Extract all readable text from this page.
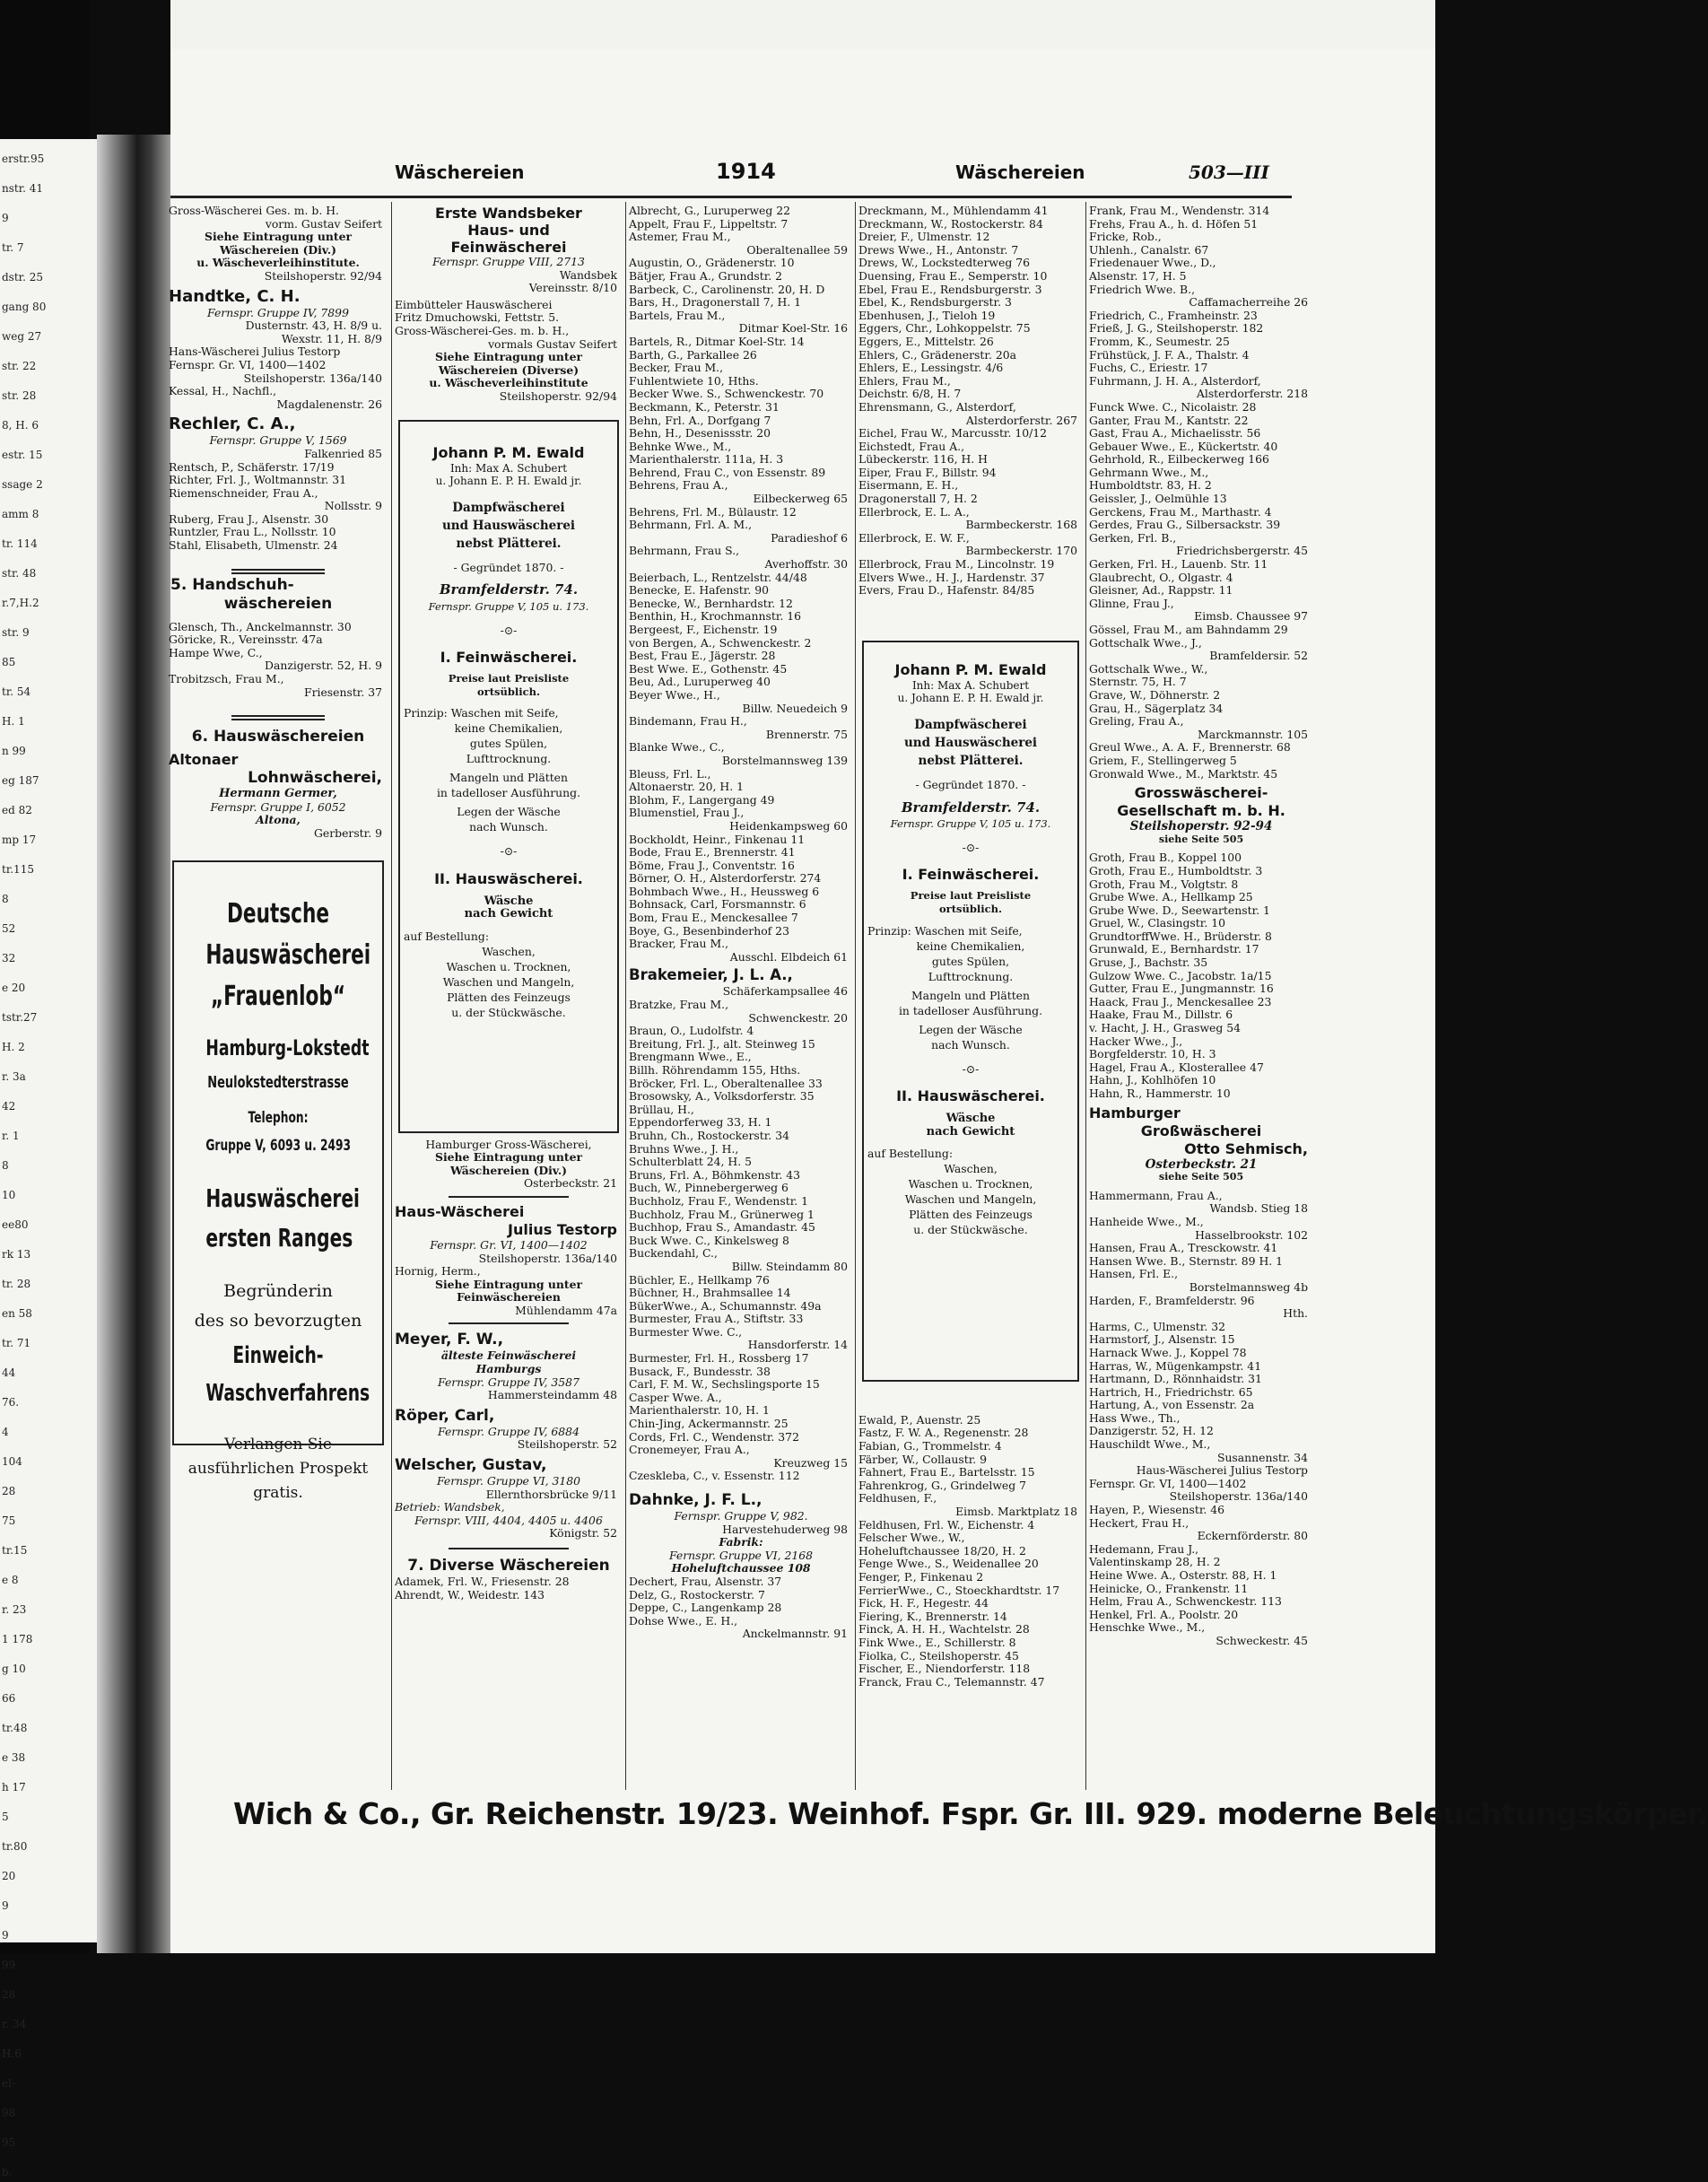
erstr.95

nstr. 41

9

tr. 7

dstr. 25

gang 80

weg 27

str. 22

str. 28

8, H. 6

estr. 15

ssage 2

amm 8

tr. 114

str. 48

r.7,H.2

str. 9

85

tr. 54

H. 1

n 99

eg 187

ed 82

mp 17

tr.115

8

52

32

e 20

tstr.27

H. 2

r. 3a

42

r. 1

8

10

ee80

rk 13

tr. 28

en 58

tr. 71

44

76.

4

104

28

75

tr.15

e 8

r. 23

1 178

g 10

66

tr.48

e 38

h 17

5

tr.80

20

9

9

99

28

r. 34

H.6

el-

98

95

b.

Wäschereien	1914	Wäschereien	503—III

Gross-Wäscherei Ges. m. b. H.

vorm. Gustav Seifert

Siehe Eintragung unter

Wäschereien (Div.)

u. Wäscheverleihinstitute.

Steilshoperstr. 92/94

Handtke, C. H.

Fernspr. Gruppe IV, 7899

Dusternstr. 43, H. 8/9 u.

Wexstr. 11, H. 8/9

Hans-Wäscherei Julius Testorp

Fernspr. Gr. VI, 1400—1402

Steilshoperstr. 136a/140

Kessal, H., Nachfl.,

Magdalenenstr. 26

Rechler, C. A.,

Fernspr. Gruppe V, 1569

Falkenried 85

Rentsch, P., Schäferstr. 17/19

Richter, Frl. J., Woltmannstr. 31

Riemenschneider, Frau A.,

Nollsstr. 9

Ruberg, Frau J., Alsenstr. 30

Runtzler, Frau L., Nollsstr. 10

Stahl, Elisabeth, Ulmenstr. 24

5. Handschuh-

wäschereien

Glensch, Th., Anckelmannstr. 30

Göricke, R., Vereinsstr. 47a

Hampe Wwe, C.,

Danzigerstr. 52, H. 9

Trobitzsch, Frau M.,

Friesenstr. 37

6. Hauswäschereien

Altonaer

Lohnwäscherei,

Hermann Germer,

Fernspr. Gruppe I, 6052

Altona,

Gerberstr. 9

Deutsche

Hauswäscherei

„Frauenlob“

Hamburg-Lokstedt

Neulokstedterstrasse

Telephon:

Gruppe V, 6093 u. 2493

Hauswäscherei

ersten Ranges

Begründerin

des so bevorzugten

Einweich-

Waschverfahrens

Verlangen Sie

ausführlichen Prospekt

gratis.

Erste Wandsbeker

Haus- und

Feinwäscherei

Fernspr. Gruppe VIII, 2713

Wandsbek

Vereinsstr. 8/10

Eimbütteler Hauswäscherei

Fritz Dmuchowski, Fettstr. 5.

Gross-Wäscherei-Ges. m. b. H.,

vormals Gustav Seifert

Siehe Eintragung unter

Wäschereien (Diverse)

u. Wäscheverleihinstitute

Steilshoperstr. 92/94

Johann P. M. Ewald

Inh: Max A. Schubert

u. Johann E. P. H. Ewald jr.

Dampfwäscherei

und Hauswäscherei

nebst Plätterei.

- Gegründet 1870. -

Bramfelderstr. 74.

Fernspr. Gruppe V, 105 u. 173.

-⊙-

I. Feinwäscherei.

Preise laut Preisliste

ortsüblich.

Prinzip: Waschen mit Seife,

keine Chemikalien,

gutes Spülen,

Lufttrocknung.

Mangeln und Plätten

in tadelloser Ausführung.

Legen der Wäsche

nach Wunsch.

-⊙-

II. Hauswäscherei.

Wäsche

nach Gewicht

auf Bestellung:

Waschen,

Waschen u. Trocknen,

Waschen und Mangeln,

Plätten des Feinzeugs

u. der Stückwäsche.

Hamburger Gross-Wäscherei,

Siehe Eintragung unter

Wäschereien (Div.)

Osterbeckstr. 21

Haus-Wäscherei

Julius Testorp

Fernspr. Gr. VI, 1400—1402

Steilshoperstr. 136a/140

Hornig, Herm.,

Siehe Eintragung unter

Feinwäschereien

Mühlendamm 47a

Meyer, F. W.,

älteste Feinwäscherei

Hamburgs

Fernspr. Gruppe IV, 3587

Hammersteindamm 48

Röper, Carl,

Fernspr. Gruppe IV, 6884

Steilshoperstr. 52

Welscher, Gustav,

Fernspr. Gruppe VI, 3180

Ellernthorsbrücke 9/11

Betrieb: Wandsbek,

Fernspr. VIII, 4404, 4405 u. 4406

Königstr. 52

7. Diverse Wäschereien

Adamek, Frl. W., Friesenstr. 28

Ahrendt, W., Weidestr. 143

Albrecht, G., Luruperweg 22

Appelt, Frau F., Lippeltstr. 7

Astemer, Frau M.,

Oberaltenallee 59

Augustin, O., Grädenerstr. 10

Bätjer, Frau A., Grundstr. 2

Barbeck, C., Carolinenstr. 20, H. D

Bars, H., Dragonerstall 7, H. 1

Bartels, Frau M.,

Ditmar Koel-Str. 16

Bartels, R., Ditmar Koel-Str. 14

Barth, G., Parkallee 26

Becker, Frau M.,

Fuhlentwiete 10, Hths.

Becker Wwe. S., Schwenckestr. 70

Beckmann, K., Peterstr. 31

Behn, Frl. A., Dorfgang 7

Behn, H., Desenissstr. 20

Behnke Wwe., M.,

Marienthalerstr. 111a, H. 3

Behrend, Frau C., von Essenstr. 89

Behrens, Frau A.,

Eilbeckerweg 65

Behrens, Frl. M., Bülaustr. 12

Behrmann, Frl. A. M.,

Paradieshof 6

Behrmann, Frau S.,

Averhoffstr. 30

Beierbach, L., Rentzelstr. 44/48

Benecke, E. Hafenstr. 90

Benecke, W., Bernhardstr. 12

Benthin, H., Krochmannstr. 16

Bergeest, F., Eichenstr. 19

von Bergen, A., Schwenckestr. 2

Best, Frau E., Jägerstr. 28

Best Wwe. E., Gothenstr. 45

Beu, Ad., Luruperweg 40

Beyer Wwe., H.,

Billw. Neuedeich 9

Bindemann, Frau H.,

Brennerstr. 75

Blanke Wwe., C.,

Borstelmannsweg 139

Bleuss, Frl. L.,

Altonaerstr. 20, H. 1

Blohm, F., Langergang 49

Blumenstiel, Frau J.,

Heidenkampsweg 60

Bockholdt, Heinr., Finkenau 11

Bode, Frau E., Brennerstr. 41

Böme, Frau J., Conventstr. 16

Börner, O. H., Alsterdorferstr. 274

Bohmbach Wwe., H., Heussweg 6

Bohnsack, Carl, Forsmannstr. 6

Bom, Frau E., Menckesallee 7

Boye, G., Besenbinderhof 23

Bracker, Frau M.,

Ausschl. Elbdeich 61

Brakemeier, J. L. A.,

Schäferkampsallee 46

Bratzke, Frau M.,

Schwenckestr. 20

Braun, O., Ludolfstr. 4

Breitung, Frl. J., alt. Steinweg 15

Brengmann Wwe., E.,

Billh. Röhrendamm 155, Hths.

Bröcker, Frl. L., Oberaltenallee 33

Brosowsky, A., Volksdorferstr. 35

Brüllau, H.,

Eppendorferweg 33, H. 1

Bruhn, Ch., Rostockerstr. 34

Bruhns Wwe., J. H.,

Schulterblatt 24, H. 5

Bruns, Frl. A., Böhmkenstr. 43

Buch, W., Pinnebergerweg 6

Buchholz, Frau F., Wendenstr. 1

Buchholz, Frau M., Grünerweg 1

Buchhop, Frau S., Amandastr. 45

Buck Wwe. C., Kinkelsweg 8

Buckendahl, C.,

Billw. Steindamm 80

Büchler, E., Hellkamp 76

Büchner, H., Brahmsallee 14

BükerWwe., A., Schumannstr. 49a

Burmester, Frau A., Stiftstr. 33

Burmester Wwe. C.,

Hansdorferstr. 14

Burmester, Frl. H., Rossberg 17

Busack, F., Bundesstr. 38

Carl, F. M. W., Sechslingsporte 15

Casper Wwe. A.,

Marienthalerstr. 10, H. 1

Chin-Jing, Ackermannstr. 25

Cords, Frl. C., Wendenstr. 372

Cronemeyer, Frau A.,

Kreuzweg 15

Czeskleba, C., v. Essenstr. 112

Dahnke, J. F. L.,

Fernspr. Gruppe V, 982.

Harvestehuderweg 98

Fabrik:

Fernspr. Gruppe VI, 2168

Hoheluftchaussee 108

Dechert, Frau, Alsenstr. 37

Delz, G., Rostockerstr. 7

Deppe, C., Langenkamp 28

Dohse Wwe., E. H.,

Anckelmannstr. 91

Dreckmann, M., Mühlendamm 41

Dreckmann, W., Rostockerstr. 84

Dreier, F., Ulmenstr. 12

Drews Wwe., H., Antonstr. 7

Drews, W., Lockstedterweg 76

Duensing, Frau E., Semperstr. 10

Ebel, Frau E., Rendsburgerstr. 3

Ebel, K., Rendsburgerstr. 3

Ebenhusen, J., Tieloh 19

Eggers, Chr., Lohkoppelstr. 75

Eggers, E., Mittelstr. 26

Ehlers, C., Grädenerstr. 20a

Ehlers, E., Lessingstr. 4/6

Ehlers, Frau M.,

Deichstr. 6/8, H. 7

Ehrensmann, G., Alsterdorf,

Alsterdorferstr. 267

Eichel, Frau W., Marcusstr. 10/12

Eichstedt, Frau A.,

Lübeckerstr. 116, H. H

Eiper, Frau F., Billstr. 94

Eisermann, E. H.,

Dragonerstall 7, H. 2

Ellerbrock, E. L. A.,

Barmbeckerstr. 168

Ellerbrock, E. W. F.,

Barmbeckerstr. 170

Ellerbrock, Frau M., Lincolnstr. 19

Elvers Wwe., H. J., Hardenstr. 37

Evers, Frau D., Hafenstr. 84/85

Johann P. M. Ewald

Inh: Max A. Schubert

u. Johann E. P. H. Ewald jr.

Dampfwäscherei

und Hauswäscherei

nebst Plätterei.

- Gegründet 1870. -

Bramfelderstr. 74.

Fernspr. Gruppe V, 105 u. 173.

-⊙-

I. Feinwäscherei.

Preise laut Preisliste

ortsüblich.

Prinzip: Waschen mit Seife,

keine Chemikalien,

gutes Spülen,

Lufttrocknung.

Mangeln und Plätten

in tadelloser Ausführung.

Legen der Wäsche

nach Wunsch.

-⊙-

II. Hauswäscherei.

Wäsche

nach Gewicht

auf Bestellung:

Waschen,

Waschen u. Trocknen,

Waschen und Mangeln,

Plätten des Feinzeugs

u. der Stückwäsche.

Ewald, P., Auenstr. 25

Fastz, F. W. A., Regenenstr. 28

Fabian, G., Trommelstr. 4

Färber, W., Collaustr. 9

Fahnert, Frau E., Bartelsstr. 15

Fahrenkrog, G., Grindelweg 7

Feldhusen, F.,

Eimsb. Marktplatz 18

Feldhusen, Frl. W., Eichenstr. 4

Felscher Wwe., W.,

Hoheluftchaussee 18/20, H. 2

Fenge Wwe., S., Weidenallee 20

Fenger, P., Finkenau 2

FerrierWwe., C., Stoeckhardtstr. 17

Fick, H. F., Hegestr. 44

Fiering, K., Brennerstr. 14

Finck, A. H. H., Wachtelstr. 28

Fink Wwe., E., Schillerstr. 8

Fiolka, C., Steilshoperstr. 45

Fischer, E., Niendorferstr. 118

Franck, Frau C., Telemannstr. 47

Frank, Frau M., Wendenstr. 314

Frehs, Frau A., h. d. Höfen 51

Fricke, Rob.,

Uhlenh., Canalstr. 67

Friedenauer Wwe., D.,

Alsenstr. 17, H. 5

Friedrich Wwe. B.,

Caffamacherreihe 26

Friedrich, C., Framheinstr. 23

Frieß, J. G., Steilshoperstr. 182

Fromm, K., Seumestr. 25

Frühstück, J. F. A., Thalstr. 4

Fuchs, C., Eriestr. 17

Fuhrmann, J. H. A., Alsterdorf,

Alsterdorferstr. 218

Funck Wwe. C., Nicolaistr. 28

Ganter, Frau M., Kantstr. 22

Gast, Frau A., Michaelisstr. 56

Gebauer Wwe., E., Kückertstr. 40

Gehrhold, R., Eilbeckerweg 166

Gehrmann Wwe., M.,

Humboldtstr. 83, H. 2

Geissler, J., Oelmühle 13

Gerckens, Frau M., Marthastr. 4

Gerdes, Frau G., Silbersackstr. 39

Gerken, Frl. B.,

Friedrichsbergerstr. 45

Gerken, Frl. H., Lauenb. Str. 11

Glaubrecht, O., Olgastr. 4

Gleisner, Ad., Rappstr. 11

Glinne, Frau J.,

Eimsb. Chaussee 97

Gössel, Frau M., am Bahndamm 29

Gottschalk Wwe., J.,

Bramfeldersir. 52

Gottschalk Wwe., W.,

Sternstr. 75, H. 7

Grave, W., Döhnerstr. 2

Grau, H., Sägerplatz 34

Greling, Frau A.,

Marckmannstr. 105

Greul Wwe., A. A. F., Brennerstr. 68

Griem, F., Stellingerweg 5

Gronwald Wwe., M., Marktstr. 45

Grosswäscherei-

Gesellschaft m. b. H.

Steilshoperstr. 92-94

siehe Seite 505

Groth, Frau B., Koppel 100

Groth, Frau E., Humboldtstr. 3

Groth, Frau M., Volgtstr. 8

Grube Wwe. A., Hellkamp 25

Grube Wwe. D., Seewartenstr. 1

Gruel, W., Clasingstr. 10

GrundtorffWwe. H., Brüderstr. 8

Grunwald, E., Bernhardstr. 17

Gruse, J., Bachstr. 35

Gulzow Wwe. C., Jacobstr. 1a/15

Gutter, Frau E., Jungmannstr. 16

Haack, Frau J., Menckesallee 23

Haake, Frau M., Dillstr. 6

v. Hacht, J. H., Grasweg 54

Hacker Wwe., J.,

Borgfelderstr. 10, H. 3

Hagel, Frau A., Klosterallee 47

Hahn, J., Kohlhöfen 10

Hahn, R., Hammerstr. 10

Hamburger

Großwäscherei

Otto Sehmisch,

Osterbeckstr. 21

siehe Seite 505

Hammermann, Frau A.,

Wandsb. Stieg 18

Hanheide Wwe., M.,

Hasselbrookstr. 102

Hansen, Frau A., Tresckowstr. 41

Hansen Wwe. B., Sternstr. 89 H. 1

Hansen, Frl. E.,

Borstelmannsweg 4b

Harden, F., Bramfelderstr. 96

Hth.

Harms, C., Ulmenstr. 32

Harmstorf, J., Alsenstr. 15

Harnack Wwe. J., Koppel 78

Harras, W., Mügenkampstr. 41

Hartmann, D., Rönnhaidstr. 31

Hartrich, H., Friedrichstr. 65

Hartung, A., von Essenstr. 2a

Hass Wwe., Th.,

Danzigerstr. 52, H. 12

Hauschildt Wwe., M.,

Susannenstr. 34

Haus-Wäscherei Julius Testorp

Fernspr. Gr. VI, 1400—1402

Steilshoperstr. 136a/140

Hayen, P., Wiesenstr. 46

Heckert, Frau H.,

Eckernförderstr. 80

Hedemann, Frau J.,

Valentinskamp 28, H. 2

Heine Wwe. A., Osterstr. 88, H. 1

Heinicke, O., Frankenstr. 11

Helm, Frau A., Schwenckestr. 113

Henkel, Frl. A., Poolstr. 20

Henschke Wwe., M.,

Schweckestr. 45

Wich & Co., Gr. Reichenstr. 19/23. Weinhof. Fspr. Gr. III. 929. moderne Beleuchtungskörper.
